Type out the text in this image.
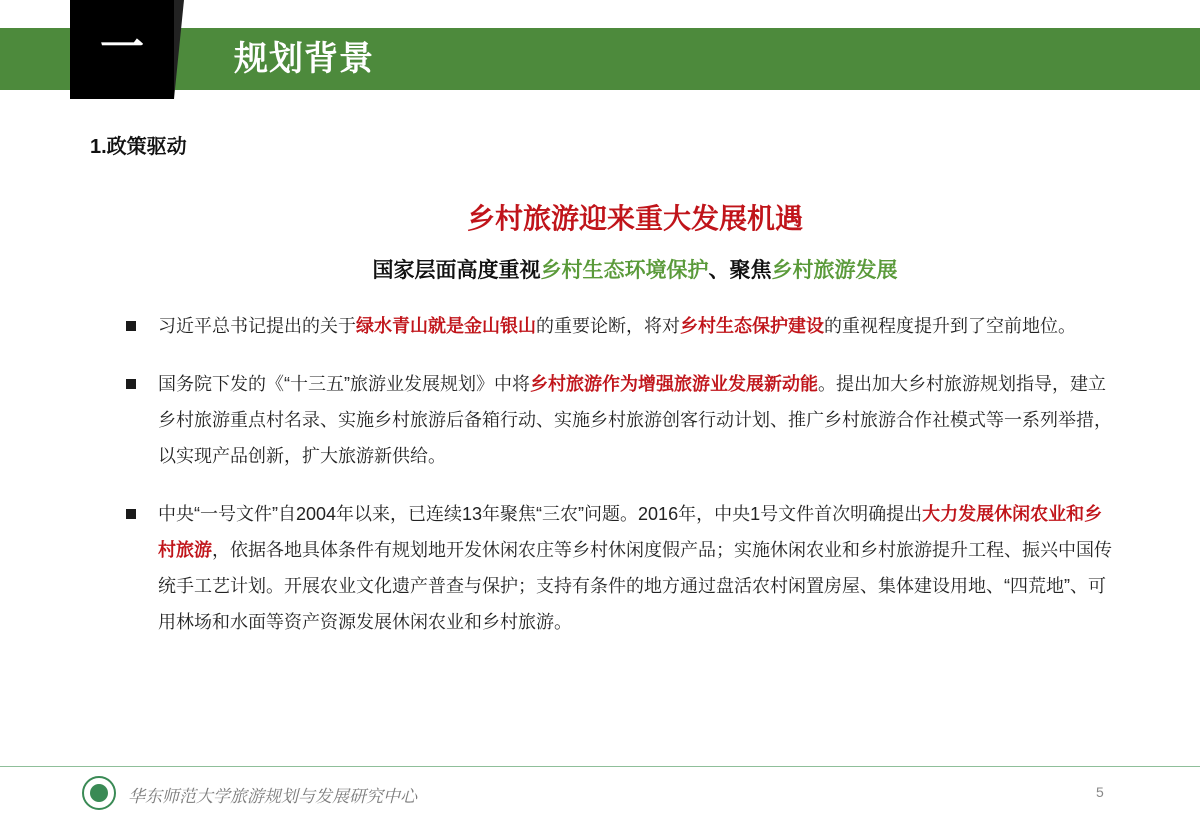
规划背景
一
1.政策驱动
乡村旅游迎来重大发展机遇
国家层面高度重视乡村生态环境保护、聚焦乡村旅游发展
习近平总书记提出的关于绿水青山就是金山银山的重要论断，将对乡村生态保护建设的重视程度提升到了空前地位。
国务院下发的《“十三五”旅游业发展规划》中将乡村旅游作为增强旅游业发展新动能。提出加大乡村旅游规划指导，建立乡村旅游重点村名录、实施乡村旅游后备箱行动、实施乡村旅游创客行动计划、推广乡村旅游合作社模式等一系列举措，以实现产品创新，扩大旅游新供给。
中央“一号文件”自2004年以来，已连续13年聚焦“三农”问题。2016年，中央1号文件首次明确提出大力发展休闲农业和乡村旅游，依据各地具体条件有规划地开发休闲农庄等乡村休闲度假产品；实施休闲农业和乡村旅游提升工程、振兴中国传统手工艺计划。开展农业文化遗产普查与保护；支持有条件的地方通过盘活农村闲置房屋、集体建设用地、“四荒地”、可用林场和水面等资产资源发展休闲农业和乡村旅游。
华东师范大学旅游规划与发展研究中心	5
